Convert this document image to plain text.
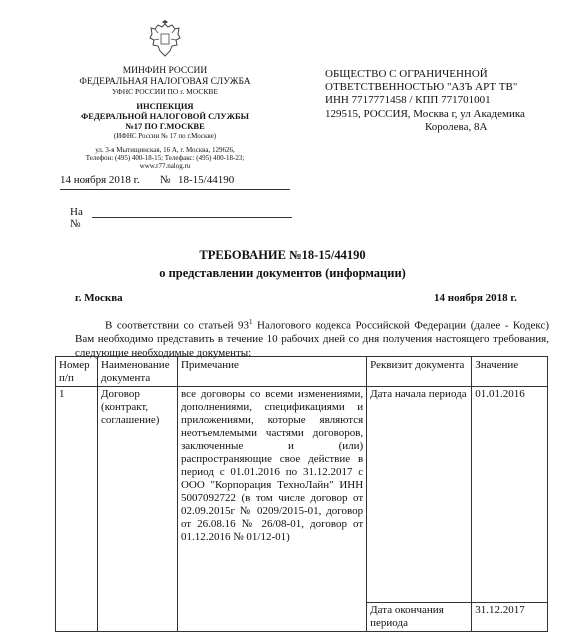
МИНФИН РОССИИ
ФЕДЕРАЛЬНАЯ НАЛОГОВАЯ СЛУЖБА
УФНС РОССИИ ПО г. МОСКВЕ
ИНСПЕКЦИЯ
ФЕДЕРАЛЬНОЙ НАЛОГОВОЙ СЛУЖБЫ
№17 ПО Г.МОСКВЕ
(ИФНС России № 17 по г.Москве)
ул. 3-я Мытищинская, 16 А, г. Москва, 129626,
Телефон: (495) 400-18-15; Телефакс: (495) 400-18-23;
www.r77.nalog.ru
14 ноября 2018 г. № 18-15/44190
На №
ОБЩЕСТВО С ОГРАНИЧЕННОЙ
ОТВЕТСТВЕННОСТЬЮ "АЗЪ АРТ ТВ"
ИНН 7717771458 / КПП 771701001
129515, РОССИЯ, Москва г, ул Академика
Королева, 8А
ТРЕБОВАНИЕ №18-15/44190
о представлении документов (информации)
г. Москва	14 ноября 2018 г.
В соответствии со статьей $93^1$ Налогового кодекса Российской Федерации (далее - Кодекс) Вам необходимо представить в течение 10 рабочих дней со дня получения настоящего требования, следующие необходимые документы:
Номер п/п	Наименование документа	Примечание	Реквизит документа	Значение
1	Договор (контракт, соглашение)	все договоры со всеми изменениями, дополнениями, спецификациями и приложениями, которые являются неотъемлемыми частями договоров, заключенные и (или) распространяющие свое действие в период с 01.01.2016 по 31.12.2017 с ООО "Корпорация ТехноЛайн" ИНН 5007092722 (в том числе договор от 02.09.2015г № 0209/2015-01, договор от 26.08.16 № 26/08-01, договор от 01.12.2016 № 01/12-01)	Дата начала периода	01.01.2016
			Дата окончания периода	31.12.2017
